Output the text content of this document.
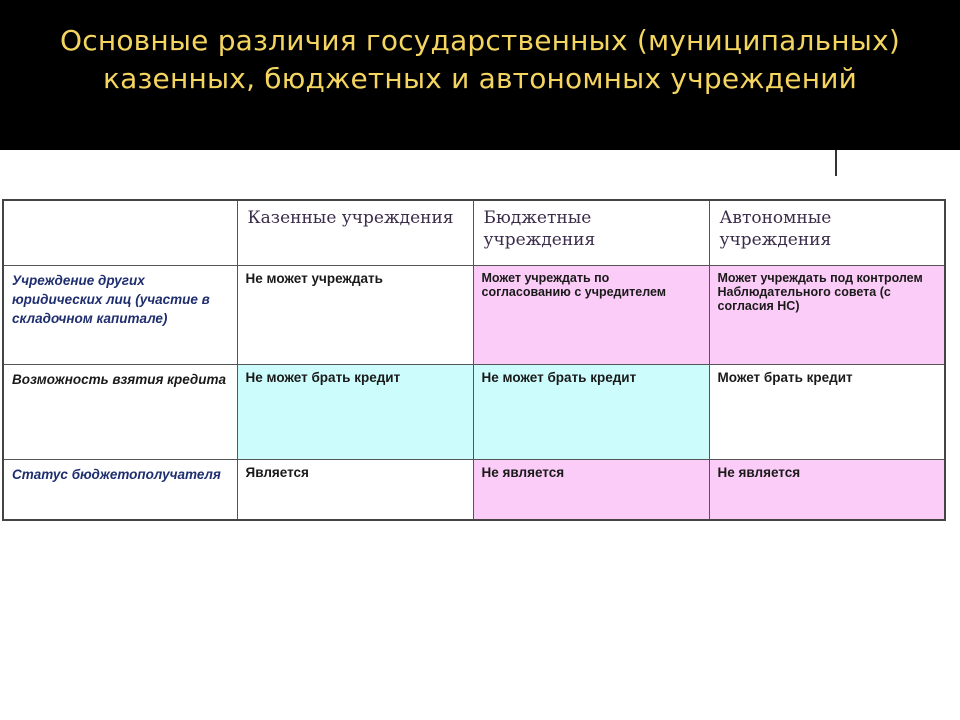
Основные различия государственных (муниципальных)
казенных, бюджетных и автономных учреждений
	Казенные учреждения	Бюджетные учреждения	Автономные учреждения
Учреждение других юридических лиц (участие в складочном капитале)	Не может учреждать	Может учреждать по согласованию с учредителем	Может учреждать под контролем Наблюдательного совета (с согласия НС)
Возможность взятия кредита	Не может брать кредит	Не может брать кредит	Может брать кредит
Статус бюджетополучателя	Является	Не является	Не является
